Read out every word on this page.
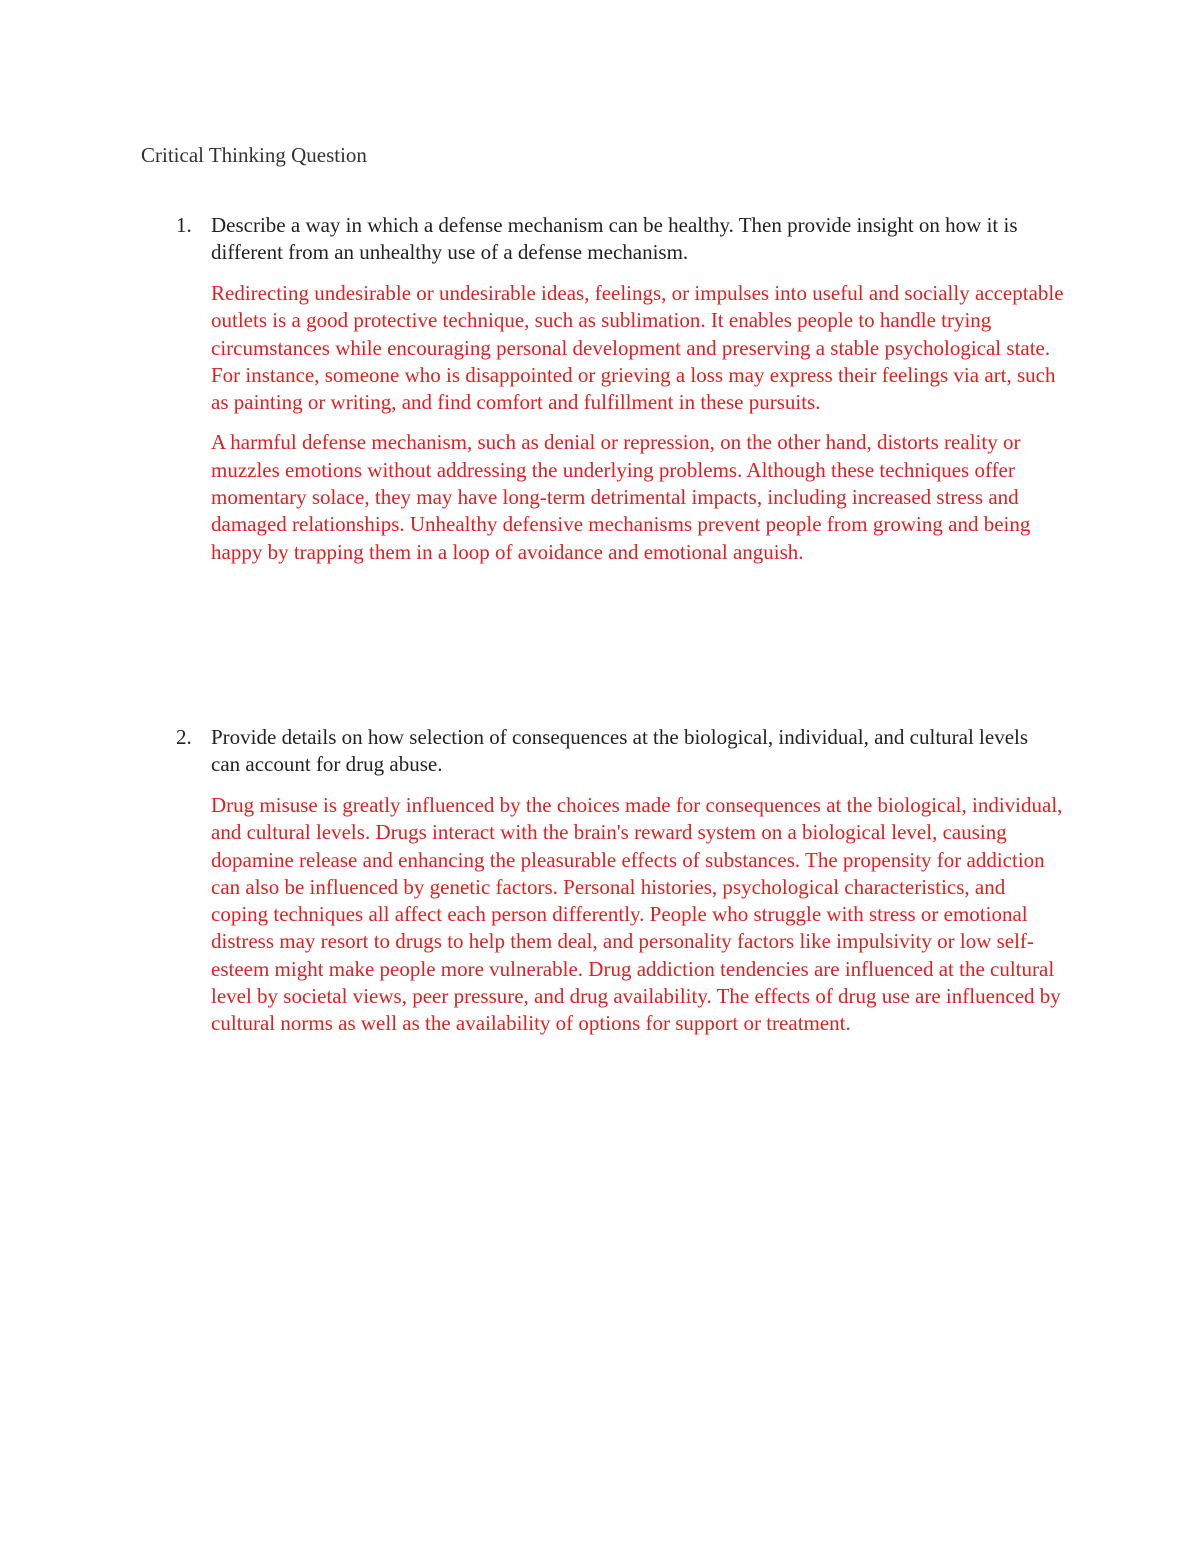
Critical Thinking Question
1. Describe a way in which a defense mechanism can be healthy. Then provide insight on how it is different from an unhealthy use of a defense mechanism.
Redirecting undesirable or undesirable ideas, feelings, or impulses into useful and socially acceptable outlets is a good protective technique, such as sublimation. It enables people to handle trying circumstances while encouraging personal development and preserving a stable psychological state. For instance, someone who is disappointed or grieving a loss may express their feelings via art, such as painting or writing, and find comfort and fulfillment in these pursuits.
A harmful defense mechanism, such as denial or repression, on the other hand, distorts reality or muzzles emotions without addressing the underlying problems. Although these techniques offer momentary solace, they may have long-term detrimental impacts, including increased stress and damaged relationships. Unhealthy defensive mechanisms prevent people from growing and being happy by trapping them in a loop of avoidance and emotional anguish.
2. Provide details on how selection of consequences at the biological, individual, and cultural levels can account for drug abuse.
Drug misuse is greatly influenced by the choices made for consequences at the biological, individual, and cultural levels. Drugs interact with the brain's reward system on a biological level, causing dopamine release and enhancing the pleasurable effects of substances. The propensity for addiction can also be influenced by genetic factors. Personal histories, psychological characteristics, and coping techniques all affect each person differently. People who struggle with stress or emotional distress may resort to drugs to help them deal, and personality factors like impulsivity or low self-esteem might make people more vulnerable. Drug addiction tendencies are influenced at the cultural level by societal views, peer pressure, and drug availability. The effects of drug use are influenced by cultural norms as well as the availability of options for support or treatment.
